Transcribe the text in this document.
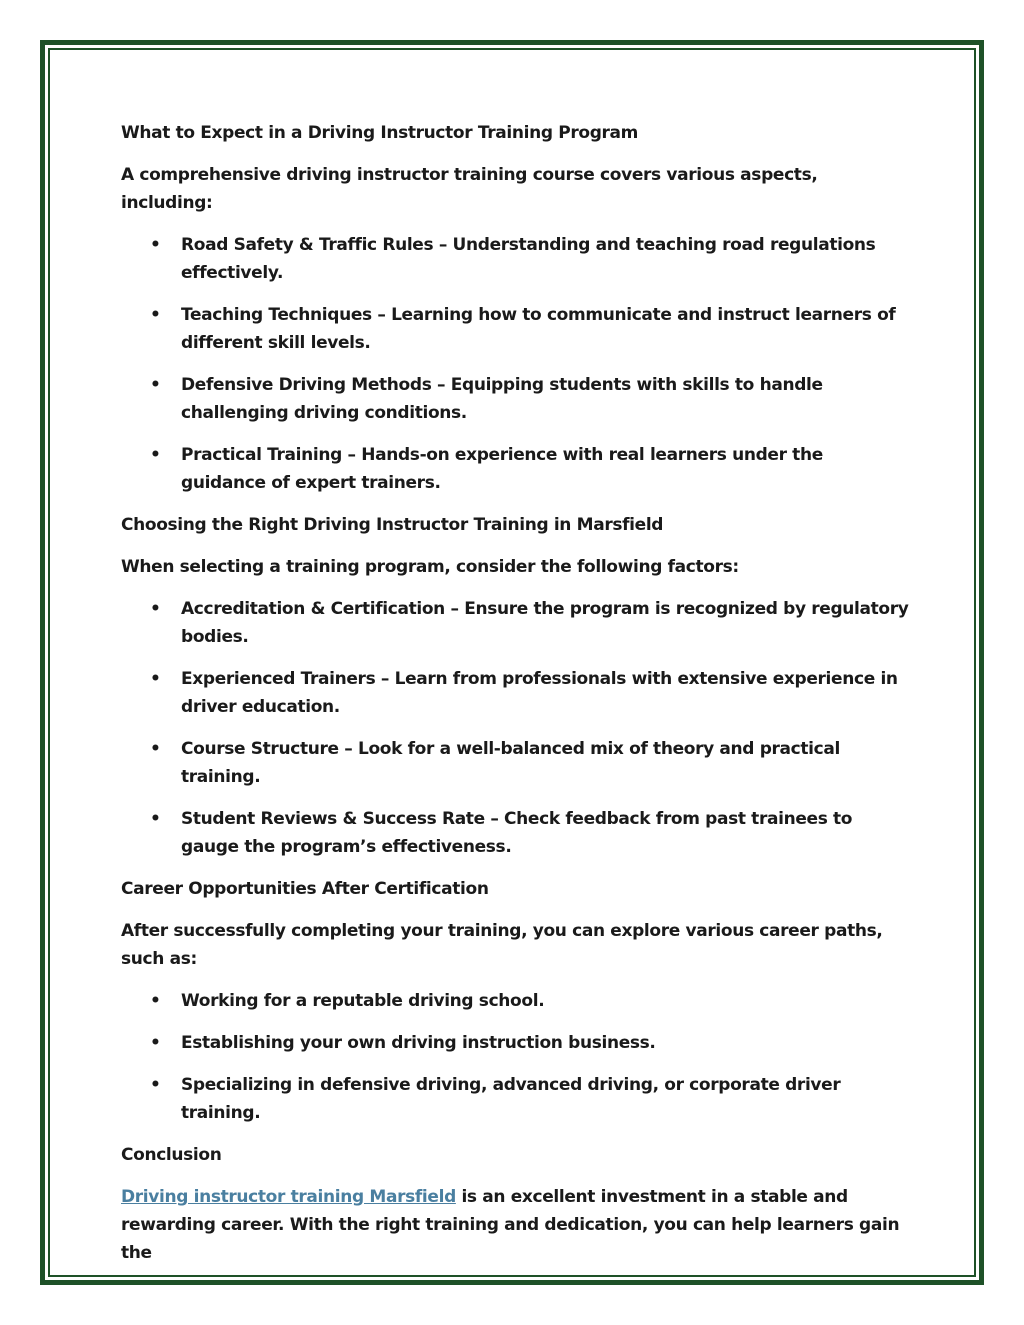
What to Expect in a Driving Instructor Training Program

A comprehensive driving instructor training course covers various aspects, including:

• Road Safety & Traffic Rules – Understanding and teaching road regulations effectively.
• Teaching Techniques – Learning how to communicate and instruct learners of different skill levels.
• Defensive Driving Methods – Equipping students with skills to handle challenging driving conditions.
• Practical Training – Hands-on experience with real learners under the guidance of expert trainers.

Choosing the Right Driving Instructor Training in Marsfield

When selecting a training program, consider the following factors:

• Accreditation & Certification – Ensure the program is recognized by regulatory bodies.
• Experienced Trainers – Learn from professionals with extensive experience in driver education.
• Course Structure – Look for a well-balanced mix of theory and practical training.
• Student Reviews & Success Rate – Check feedback from past trainees to gauge the program’s effectiveness.

Career Opportunities After Certification

After successfully completing your training, you can explore various career paths, such as:

• Working for a reputable driving school.
• Establishing your own driving instruction business.
• Specializing in defensive driving, advanced driving, or corporate driver training.

Conclusion

Driving instructor training Marsfield is an excellent investment in a stable and rewarding career. With the right training and dedication, you can help learners gain the
